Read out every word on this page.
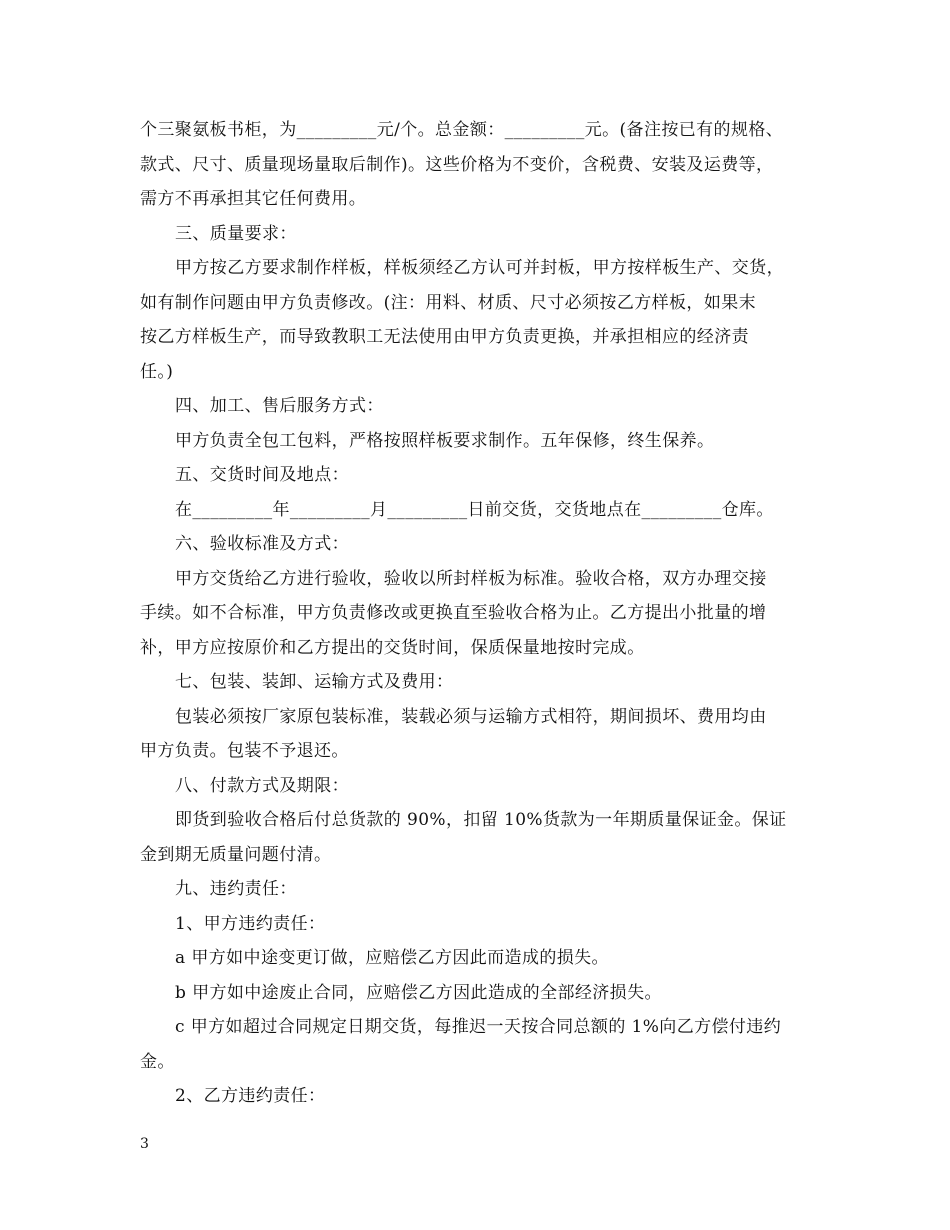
个三聚氨板书柜，为_________元/个。总金额：_________元。(备注按已有的规格、

款式、尺寸、质量现场量取后制作)。这些价格为不变价，含税费、安装及运费等，

需方不再承担其它任何费用。

三、质量要求：

甲方按乙方要求制作样板，样板须经乙方认可并封板，甲方按样板生产、交货，

如有制作问题由甲方负责修改。(注：用料、材质、尺寸必须按乙方样板，如果末

按乙方样板生产，而导致教职工无法使用由甲方负责更换，并承担相应的经济责

任。)

四、加工、售后服务方式：

甲方负责全包工包料，严格按照样板要求制作。五年保修，终生保养。

五、交货时间及地点：

在_________年_________月_________日前交货，交货地点在_________仓库。

六、验收标准及方式：

甲方交货给乙方进行验收，验收以所封样板为标准。验收合格，双方办理交接

手续。如不合标准，甲方负责修改或更换直至验收合格为止。乙方提出小批量的增

补，甲方应按原价和乙方提出的交货时间，保质保量地按时完成。

七、包装、装卸、运输方式及费用：

包装必须按厂家原包装标准，装载必须与运输方式相符，期间损坏、费用均由

甲方负责。包装不予退还。

八、付款方式及期限：

即货到验收合格后付总货款的 90%，扣留 10%货款为一年期质量保证金。保证

金到期无质量问题付清。

九、违约责任：

1、甲方违约责任：

a 甲方如中途变更订做，应赔偿乙方因此而造成的损失。

b 甲方如中途废止合同，应赔偿乙方因此造成的全部经济损失。

c 甲方如超过合同规定日期交货，每推迟一天按合同总额的 1%向乙方偿付违约

金。

2、乙方违约责任：

3
